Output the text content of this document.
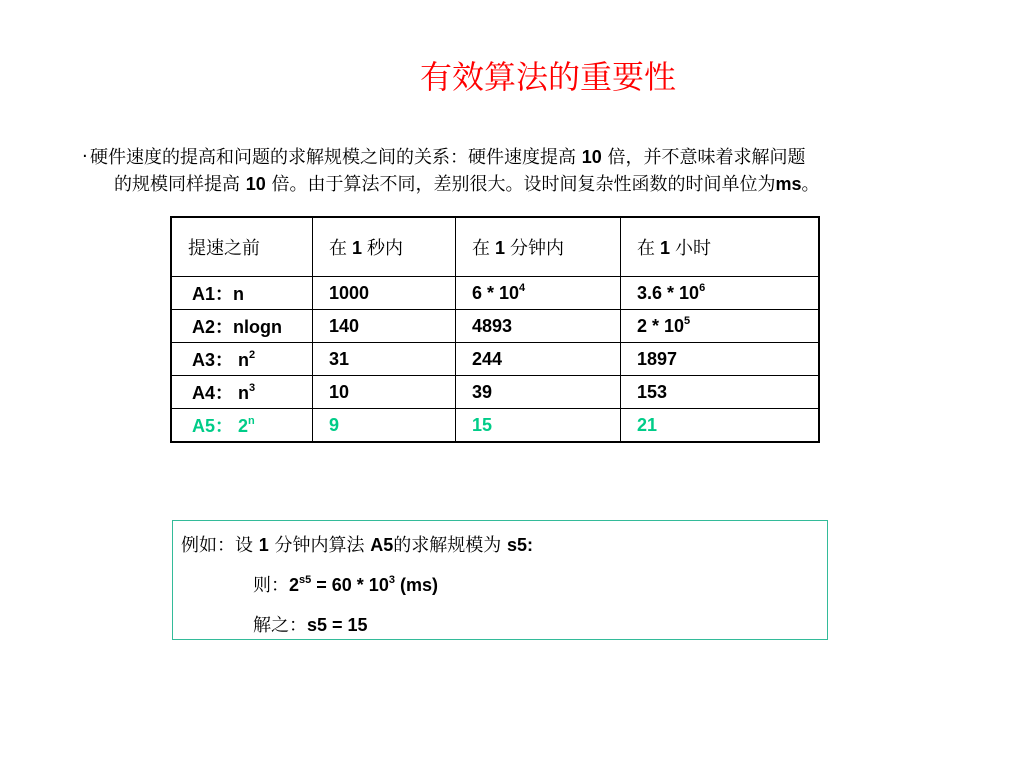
有效算法的重要性
· 硬件速度的提高和问题的求解规模之间的关系：硬件速度提高 10 倍，并不意味着求解问题
的规模同样提高 10 倍。由于算法不同，差别很大。设时间复杂性函数的时间单位为ms。
提速之前	在 1 秒内	在 1 分钟内	在 1 小时
A1：n	1000	$6 * 10^4$	$3.6 * 10^6$
A2：nlogn	140	4893	$2 * 10^5$
A3： $n^2$	31	244	1897
A4： $n^3$	10	39	153
A5： 2$^n$	9	15	21
例如：设 1 分钟内算法 A5的求解规模为 s5:
则：$2^{s5} = 60 * 10^3$ (ms)
解之：s5 = 15
